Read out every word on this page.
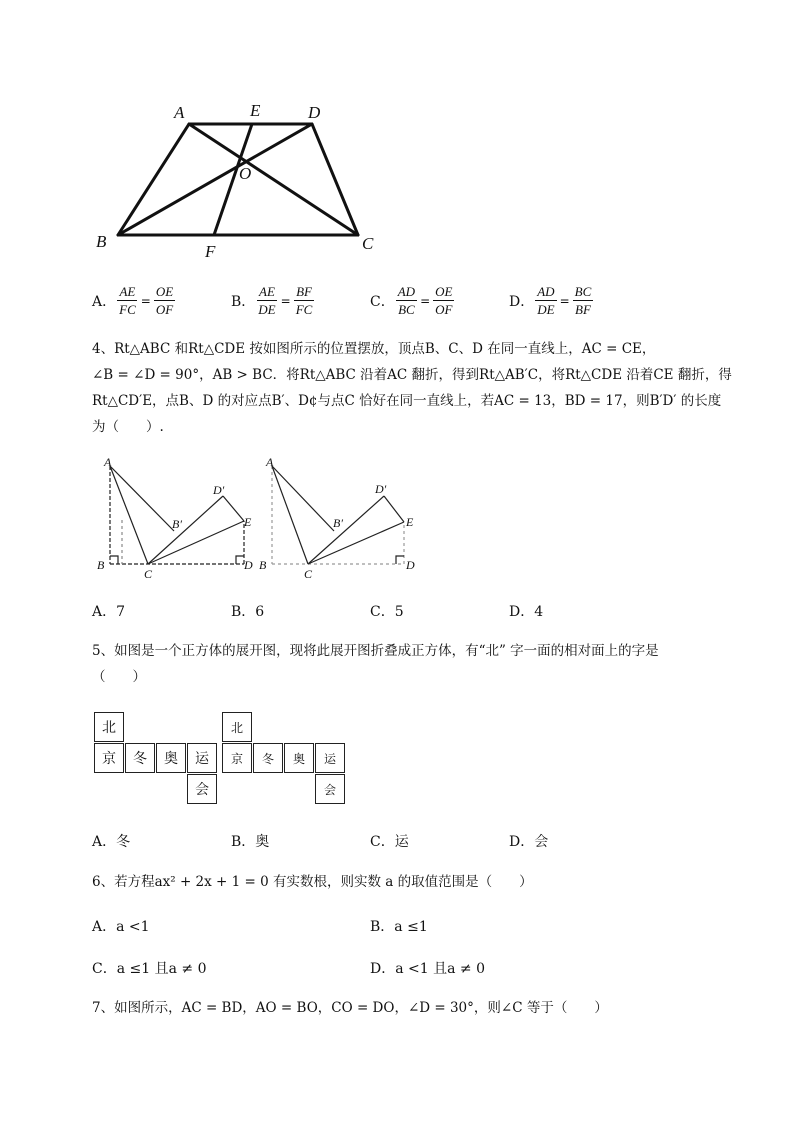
A	E	D
O
B
F	C
A． $\frac{AE}{FC} = \frac{OE}{OF}$	B． $\frac{AE}{DE} = \frac{BF}{FC}$	C． $\frac{AD}{BC} = \frac{OE}{OF}$	D． $\frac{AD}{DE} = \frac{BC}{BF}$
4、Rt△ABC 和Rt△CDE 按如图所示的位置摆放，顶点B、C、D 在同一直线上，AC = CE，
∠B = ∠D = 90°，AB > BC．将Rt△ABC 沿着AC 翻折，得到Rt△AB′C，将Rt△CDE 沿着CE 翻折，得
Rt△CD′E，点B、D 的对应点B′、D¢与点C 恰好在同一直线上，若AC = 13，BD = 17，则B′D′ 的长度
为（　　）.
A
B
C
D
E
B′
D′
A
B
C
D
E
B′
D′
A．7	B．6	C．5	D．4
5、如图是一个正方体的展开图，现将此展开图折叠成正方体，有“北” 字一面的相对面上的字是
（　　）
北
京	冬	奥	运
会
北
京	冬	奥	运
会
A．冬	B．奥	C．运	D．会
6、若方程ax² + 2x + 1 = 0 有实数根，则实数 a 的取值范围是（　　）
A．a <1	B．a ≤1
C．a ≤1 且a ≠ 0	D．a <1 且a ≠ 0
7、如图所示，AC = BD，AO = BO，CO = DO，∠D = 30°，则∠C 等于（　　）
